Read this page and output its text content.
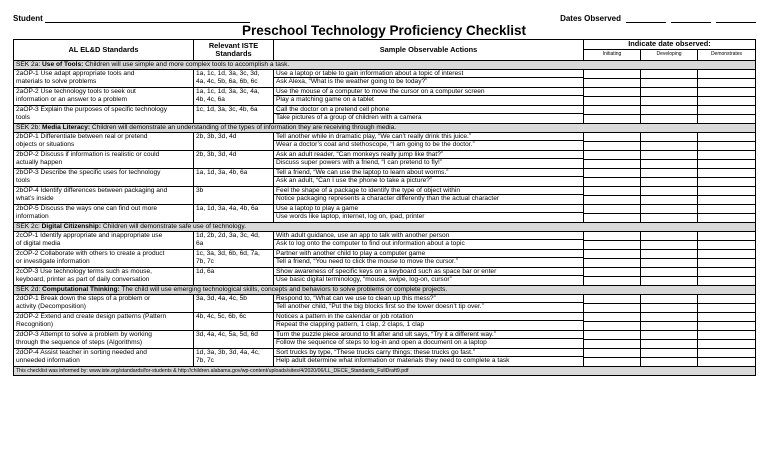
Student	Dates Observed
Preschool Technology Proficiency Checklist
AL EL&D Standards	Relevant ISTE
Standards	Sample Observable Actions	Indicate date observed:		
			Initiating	Developing	Demonstrates
SEK 2a: Use of Tools: Children will use simple and more complex tools to accomplish a task.					

2aOP-1 Use adapt appropriate tools and
materials to solve problems	1a, 1c, 1d, 3a, 3c, 3d,
4a, 4c, 5b, 6a, 6b, 6c	Use a laptop or table to gain information about a topic of interest
Ask Alexa, “What is the weather going to be today?”			

2aOP-2 Use technology tools to seek out
information or an answer to a problem	1a, 1c, 1d, 3a, 3c, 4a,
4b, 4c, 6a	Use the mouse of a computer to move the cursor on a computer screen
Play a matching game on a tablet			

2aOP-3 Explain the purposes of specific technology
tools	1c, 1d, 3a, 3c, 4b, 6a	Call the doctor on a pretend cell phone
Take pictures of a group of children with a camera			

SEK 2b: Media Literacy: Children will demonstrate an understanding of the types of information they are receiving through media.					

2bOP-1 Differentiate between real or pretend
objects or situations	2b, 3b, 3d, 4d	Tell another while in dramatic play, “We can’t really drink this juice.”
Wear a doctor’s coat and stethoscope, “I am going to be the doctor.”			

2bOP-2 Discuss if information is realistic or could
actually happen	2b, 3b, 3d, 4d	Ask an adult reader, “Can monkeys really jump like that?”
Discuss super powers with a friend, “I can pretend to fly!”			

2bOP-3 Describe the specific uses for technology
tools	1a, 1d, 3a, 4b, 6a	Tell a friend, “We can use the laptop to learn about worms.”
Ask an adult, “Can I use the phone to take a picture?”			

2bOP-4 Identify differences between packaging and
what’s inside	3b	Feel the shape of a package to identify the type of object within
Notice packaging represents a character differently than the actual character			

2bOP-5 Discuss the ways one can find out more
information	1a, 1d, 3a, 4a, 4b, 6a	Use a laptop to play a game
Use words like laptop, internet, log on, ipad, printer			

SEK 2c: Digital Citizenship: Children will demonstrate safe use of technology.					

2cOP-1 Identify appropriate and inappropriate use
of digital media	1d, 2b, 2d, 3a, 3c, 4d,
6a	With adult guidance, use an app to talk with another person
Ask to log onto the computer to find out information about a topic			

2cOP-2 Collaborate with others to create a product
or investigate information	1c, 3a, 3d, 6b, 6d, 7a,
7b, 7c	Partner with another child to play a computer game
Tell a friend, “You need to click the mouse to move the cursor.”			

2cOP-3 Use technology terms such as mouse,
keyboard, printer as part of daily conversation	1d, 6a	Show awareness of specific keys on a keyboard such as space bar or enter
Use basic digital terminology, “mouse, swipe, log-on, cursor”			

SEK 2d: Computational Thinking: The child will use emerging technological skills, concepts and behaviors to solve problems or complete projects.					

2dOP-1 Break down the steps of a problem or
activity (Decomposition)	3a, 3d, 4a, 4c, 5b	Respond to, “What can we use to clean up this mess?”
Tell another child, “Put the big blocks first so the tower doesn’t tip over.”			

2dOP-2 Extend and create design patterns (Pattern
Recognition)	4b, 4c, 5c, 6b, 6c	Notices a pattern in the calendar or job rotation
Repeat the clapping pattern, 1 clap, 2 claps, 1 clap			

2dOP-3 Attempt to solve a problem by working
through the sequence of steps (Algorithms)	3d, 4a, 4c, 5a, 5d, 6d	Turn the puzzle piece around to fit after and ult says, “Try it a different way.”
Follow the sequence of steps to log-in and open a document on a laptop			

2dOP-4 Assist teacher in sorting needed and
unneeded information	1d, 3a, 3b, 3d, 4a, 4c,
7b, 7c	Sort trucks by type, “These trucks carry things; these trucks go fast.”
Help adult determine what information or materials they need to complete a task			

This checklist was informed by: www.iste.org/standards/for-students & http://children.alabama.gov/wp-content/uploads/sites/4/2020/06/LL_DECE_Standards_FullDraft9.pdf					
